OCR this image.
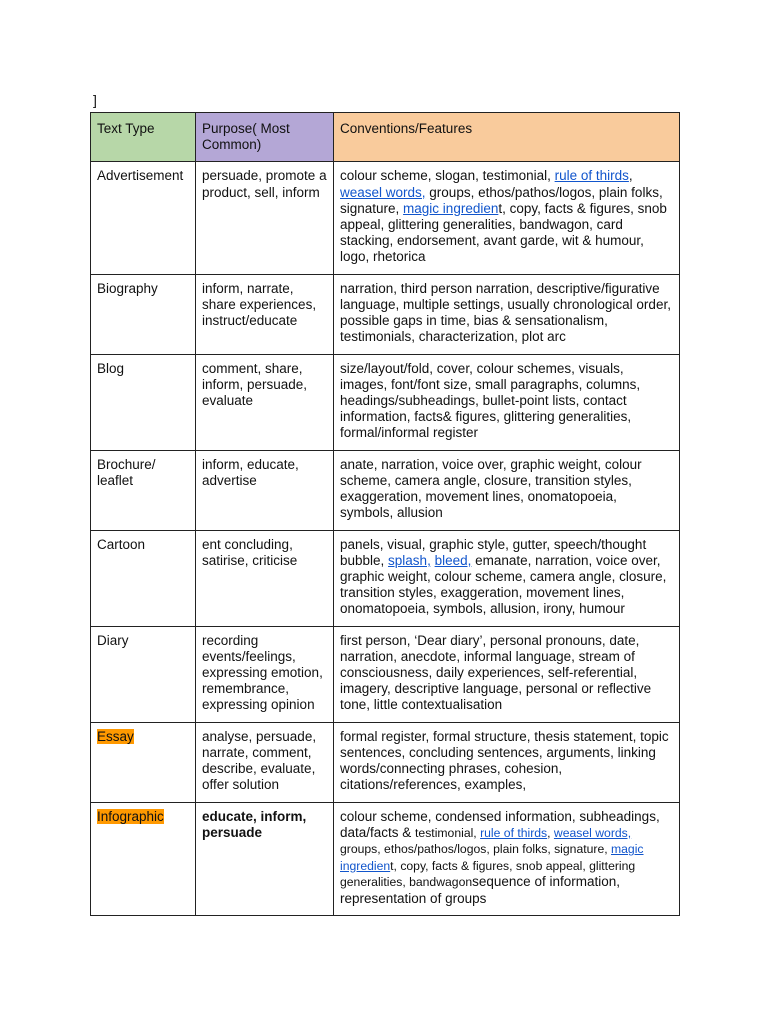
]
Text Type	Purpose( Most Common)	Conventions/Features
Advertisement	persuade, promote a product, sell, inform	colour scheme, slogan, testimonial, rule of thirds, weasel words, groups, ethos/pathos/logos, plain folks, signature, magic ingredient, copy, facts & figures, snob appeal, glittering generalities, bandwagon, card stacking, endorsement, avant garde, wit & humour, logo, rhetorica
Biography	inform, narrate, share experiences, instruct/educate	narration, third person narration, descriptive/figurative language, multiple settings, usually chronological order, possible gaps in time, bias & sensationalism, testimonials, characterization, plot arc
Blog	comment, share, inform, persuade, evaluate	size/layout/fold, cover, colour schemes, visuals, images, font/font size, small paragraphs, columns, headings/subheadings, bullet-point lists, contact information, facts& figures, glittering generalities, formal/informal register
Brochure/ leaflet	inform, educate, advertise	anate, narration, voice over, graphic weight, colour scheme, camera angle, closure, transition styles, exaggeration, movement lines, onomatopoeia, symbols, allusion
Cartoon	ent concluding, satirise, criticise	panels, visual, graphic style, gutter, speech/thought bubble, splash, bleed, emanate, narration, voice over, graphic weight, colour scheme, camera angle, closure, transition styles, exaggeration, movement lines, onomatopoeia, symbols, allusion, irony, humour
Diary	recording events/feelings, expressing emotion, remembrance, expressing opinion	first person, ‘Dear diary’, personal pronouns, date, narration, anecdote, informal language, stream of consciousness, daily experiences, self-referential, imagery, descriptive language, personal or reflective tone, little contextualisation
Essay	analyse, persuade, narrate, comment, describe, evaluate, offer solution	formal register, formal structure, thesis statement, topic sentences, concluding sentences, arguments, linking words/connecting phrases, cohesion, citations/references, examples,
Infographic	educate, inform, persuade	colour scheme, condensed information, subheadings, data/facts & testimonial, rule of thirds, weasel words, groups, ethos/pathos/logos, plain folks, signature, magic ingredient, copy, facts & figures, snob appeal, glittering generalities, bandwagonsequence of information, representation of groups
